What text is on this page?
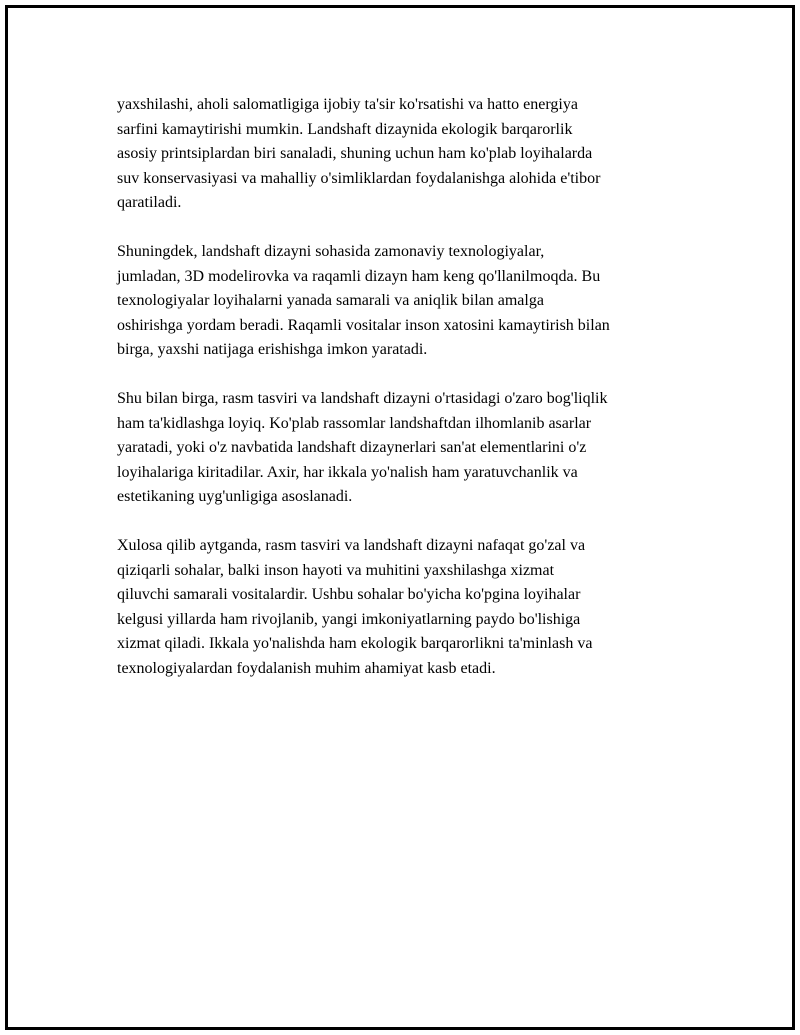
yaxshilashi, aholi salomatligiga ijobiy ta'sir ko'rsatishi va hatto energiya
sarfini kamaytirishi mumkin. Landshaft dizaynida ekologik barqarorlik
asosiy printsiplardan biri sanaladi, shuning uchun ham ko'plab loyihalarda
suv konservasiyasi va mahalliy o'simliklardan foydalanishga alohida e'tibor
qaratiladi.
Shuningdek, landshaft dizayni sohasida zamonaviy texnologiyalar,
jumladan, 3D modelirovka va raqamli dizayn ham keng qo'llanilmoqda. Bu
texnologiyalar loyihalarni yanada samarali va aniqlik bilan amalga
oshirishga yordam beradi. Raqamli vositalar inson xatosini kamaytirish bilan
birga, yaxshi natijaga erishishga imkon yaratadi.
Shu bilan birga, rasm tasviri va landshaft dizayni o'rtasidagi o'zaro bog'liqlik
ham ta'kidlashga loyiq. Ko'plab rassomlar landshaftdan ilhomlanib asarlar
yaratadi, yoki o'z navbatida landshaft dizaynerlari san'at elementlarini o'z
loyihalariga kiritadilar. Axir, har ikkala yo'nalish ham yaratuvchanlik va
estetikaning uyg'unligiga asoslanadi.
Xulosa qilib aytganda, rasm tasviri va landshaft dizayni nafaqat go'zal va
qiziqarli sohalar, balki inson hayoti va muhitini yaxshilashga xizmat
qiluvchi samarali vositalardir. Ushbu sohalar bo'yicha ko'pgina loyihalar
kelgusi yillarda ham rivojlanib, yangi imkoniyatlarning paydo bo'lishiga
xizmat qiladi. Ikkala yo'nalishda ham ekologik barqarorlikni ta'minlash va
texnologiyalardan foydalanish muhim ahamiyat kasb etadi.
